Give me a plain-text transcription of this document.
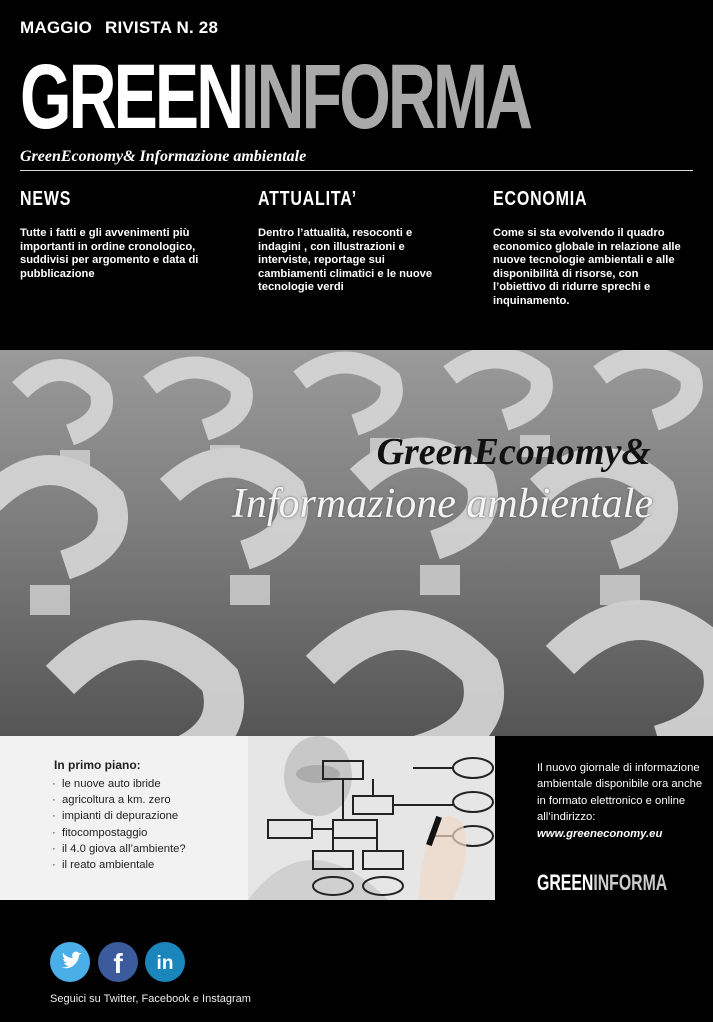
MAGGIO RIVISTA N. 28
GREENINFORMA
GreenEconomy& Informazione ambientale
NEWS

Tutte i fatti e gli avvenimenti più importanti in ordine cronologico, suddivisi per argomento e data di pubblicazione

ATTUALITA’

Dentro l’attualità, resoconti e indagini , con illustrazioni e interviste, reportage sui cambiamenti climatici e le nuove tecnologie verdi

ECONOMIA

Come si sta evolvendo il quadro economico globale in relazione alle nuove tecnologie ambientali e alle disponibilità di risorse, con l’obiettivo di ridurre sprechi e inquinamento.

GreenEconomy&
Informazione ambientale
In primo piano:
· le nuove auto ibride
· agricoltura a km. zero
· impianti di depurazione
· fitocompostaggio
· il 4.0 giova all’ambiente?
· il reato ambientale

Il nuovo giornale di informazione ambientale disponibile ora anche in formato elettronico e online all’indirizzo:
www.greeneconomy.eu

GREENINFORMA
f in
Seguici su Twitter, Facebook e Instagram
